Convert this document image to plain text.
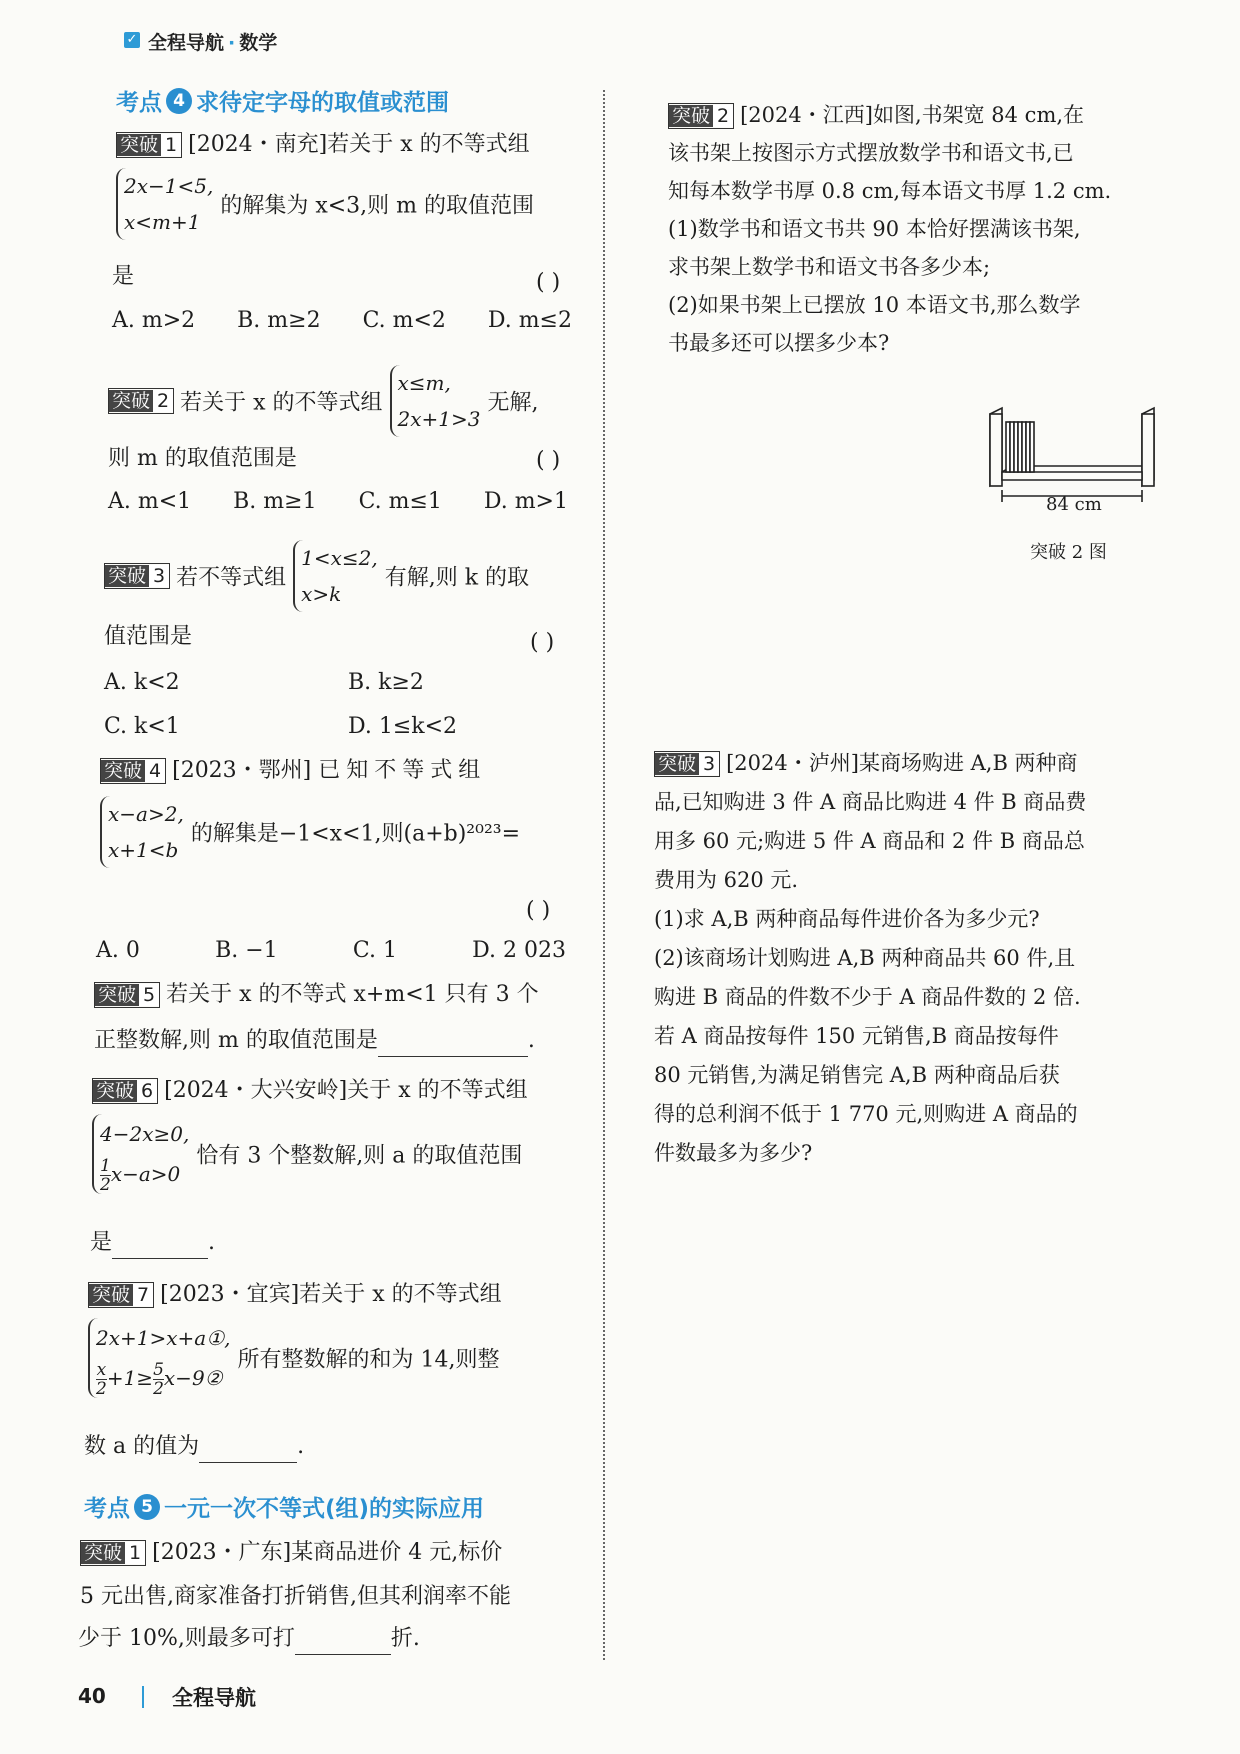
✓ 全程导航 · 数学
考点 4 求待定字母的取值或范围
突破 1 [2024・南充]若关于 x 的不等式组
2x−1<5,
x<m+1
的解集为 x<3,则 m 的取值范围
是	( )
A. m>2 B. m≥2 C. m<2 D. m≤2
突破 2 若关于 x 的不等式组
x≤m,
2x+1>3
无解,
则 m 的取值范围是	( )
A. m<1 B. m≥1 C. m≤1 D. m>1
突破 3 若不等式组
1<x≤2,
x>k
有解,则 k 的取
值范围是	( )
A. k<2	B. k≥2
C. k<1	D. 1≤k<2
突破 4 [2023・鄂州] 已知不等式组
x−a>2,
x+1<b
的解集是−1<x<1,则(a+b)²⁰²³=
( )
A. 0	B. −1	C. 1	D. 2 023
突破 5 若关于 x 的不等式 x+m<1 只有 3 个
正整数解,则 m 的取值范围是	.
突破 6 [2024・大兴安岭]关于 x 的不等式组
4−2x≥0,
$\frac{1}{2} x-a>0$
恰有 3 个整数解,则 a 的取值范围
是	.
突破 7 [2023・宜宾]若关于 x 的不等式组
2x+1>x+a①,
$\frac{x}{2} +1\ge \frac{5}{2}$ x−9②
所有整数解的和为 14,则整
数 a 的值为	.
考点 5 一元一次不等式(组)的实际应用
突破 1 [2023・广东]某商品进价 4 元,标价
5 元出售,商家准备打折销售,但其利润率不能
少于 10%,则最多可打	折.
突破 2 [2024・江西]如图,书架宽 84 cm,在
该书架上按图示方式摆放数学书和语文书,已
知每本数学书厚 0.8 cm,每本语文书厚 1.2 cm.
(1)数学书和语文书共 90 本恰好摆满该书架,
求书架上数学书和语文书各多少本;
(2)如果书架上已摆放 10 本语文书,那么数学
书最多还可以摆多少本?
84 cm
突破 2 图
突破 3 [2024・泸州]某商场购进 A,B 两种商
品,已知购进 3 件 A 商品比购进 4 件 B 商品费
用多 60 元;购进 5 件 A 商品和 2 件 B 商品总
费用为 620 元.
(1)求 A,B 两种商品每件进价各为多少元?
(2)该商场计划购进 A,B 两种商品共 60 件,且
购进 B 商品的件数不少于 A 商品件数的 2 倍.
若 A 商品按每件 150 元销售,B 商品按每件
80 元销售,为满足销售完 A,B 两种商品后获
得的总利润不低于 1 770 元,则购进 A 商品的
件数最多为多少?
40	全程导航
